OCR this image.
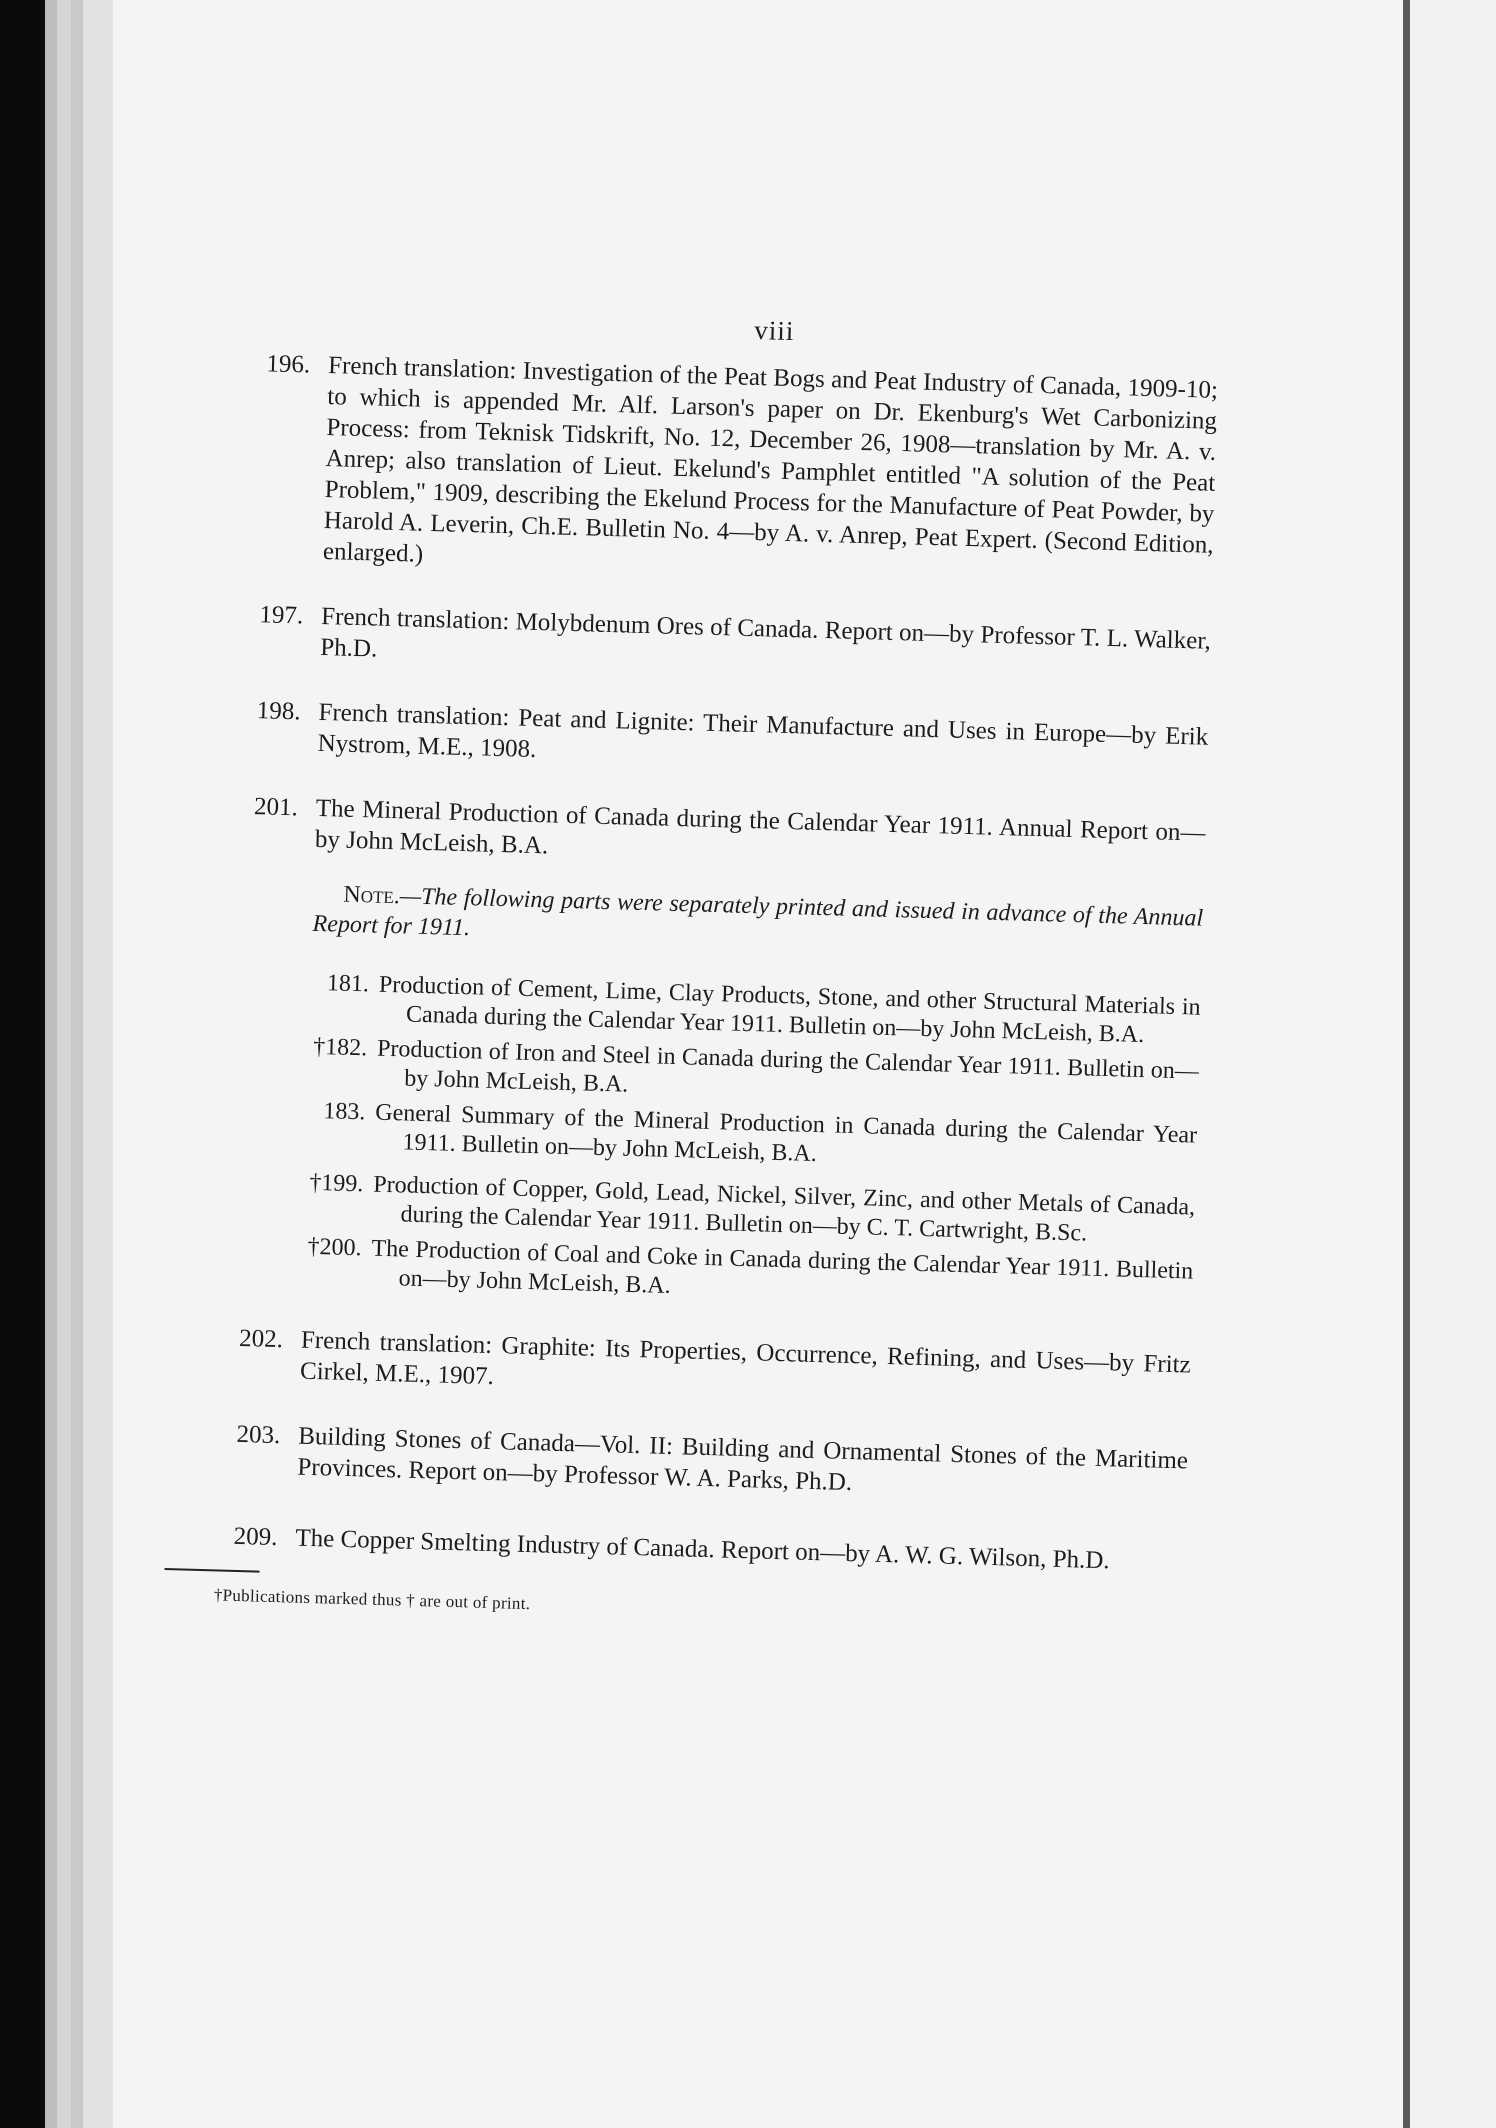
viii
196. French translation: Investigation of the Peat Bogs and Peat Industry of Canada, 1909-10; to which is appended Mr. Alf. Larson's paper on Dr. Ekenburg's Wet Carbonizing Process: from Teknisk Tidskrift, No. 12, December 26, 1908—translation by Mr. A. v. Anrep; also translation of Lieut. Ekelund's Pamphlet entitled "A solution of the Peat Problem," 1909, describing the Ekelund Process for the Manufacture of Peat Powder, by Harold A. Leverin, Ch.E. Bulletin No. 4—by A. v. Anrep, Peat Expert. (Second Edition, enlarged.)
197. French translation: Molybdenum Ores of Canada. Report on—by Professor T. L. Walker, Ph.D.
198. French translation: Peat and Lignite: Their Manufacture and Uses in Europe—by Erik Nystrom, M.E., 1908.
201. The Mineral Production of Canada during the Calendar Year 1911. Annual Report on—by John McLeish, B.A.
Note.—The following parts were separately printed and issued in advance of the Annual Report for 1911.
181. Production of Cement, Lime, Clay Products, Stone, and other Structural Materials in Canada during the Calendar Year 1911. Bulletin on—by John McLeish, B.A.
†182. Production of Iron and Steel in Canada during the Calendar Year 1911. Bulletin on—by John McLeish, B.A.
183. General Summary of the Mineral Production in Canada during the Calendar Year 1911. Bulletin on—by John McLeish, B.A.
†199. Production of Copper, Gold, Lead, Nickel, Silver, Zinc, and other Metals of Canada, during the Calendar Year 1911. Bulletin on—by C. T. Cartwright, B.Sc.
†200. The Production of Coal and Coke in Canada during the Calendar Year 1911. Bulletin on—by John McLeish, B.A.
202. French translation: Graphite: Its Properties, Occurrence, Refining, and Uses—by Fritz Cirkel, M.E., 1907.
203. Building Stones of Canada—Vol. II: Building and Ornamental Stones of the Maritime Provinces. Report on—by Professor W. A. Parks, Ph.D.
209. The Copper Smelting Industry of Canada. Report on—by A. W. G. Wilson, Ph.D.
†Publications marked thus † are out of print.
